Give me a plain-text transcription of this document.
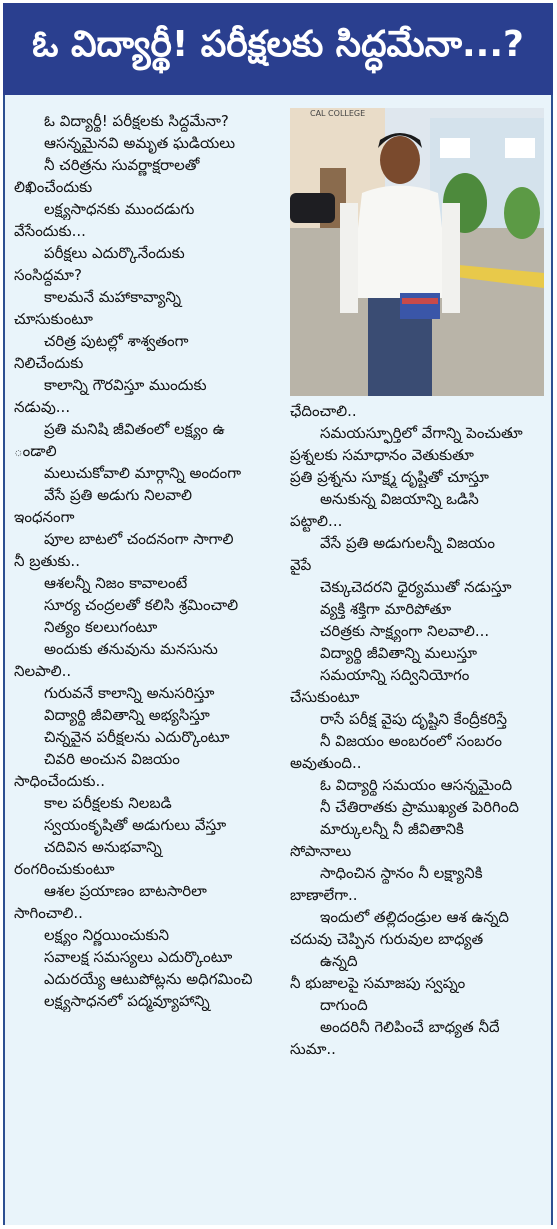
ఓ విద్యార్థీ! పరీక్షలకు సిద్ధమేనా...?
CAL COLLEGE
ఓ విద్యార్థీ! పరీక్షలకు సిద్ధమేనా?
ఆసన్నమైనవి అమృత ఘడియలు
నీ చరిత్రను సువర్ణాక్షరాలతో
లిఖించేందుకు
లక్ష్యసాధనకు ముందడుగు
వేసేందుకు...
పరీక్షలు ఎదుర్కొనేందుకు
సంసిద్ధమా?
కాలమనే మహాకావ్యాన్ని
చూసుకుంటూ
చరిత్ర పుటల్లో శాశ్వతంగా
నిలిచేందుకు
కాలాన్ని గౌరవిస్తూ ముందుకు
నడువు...
ప్రతి మనిషి జీవితంలో లక్ష్యం ఉ
ండాలి
మలుచుకోవాలి మార్గాన్ని అందంగా
వేసే ప్రతి అడుగు నిలవాలి
ఇంధనంగా
పూల బాటలో చందనంగా సాగాలి
నీ బ్రతుకు..
ఆశలన్నీ నిజం కావాలంటే
సూర్య చంద్రలతో కలిసి శ్రమించాలి
నిత్యం కలలుగంటూ
అందుకు తనువును మనసును
నిలపాలి..
గురువనే కాలాన్ని అనుసరిస్తూ
విద్యార్థి జీవితాన్ని అభ్యసిస్తూ
చిన్నవైన పరీక్షలను ఎదుర్కొంటూ
చివరి అంచున విజయం
సాధించేందుకు..
కాల పరీక్షలకు నిలబడి
స్వయంకృషితో అడుగులు వేస్తూ
చదివిన అనుభవాన్ని
రంగరించుకుంటూ
ఆశల ప్రయాణం బాటసారిలా
సాగించాలి..
లక్ష్యం నిర్ణయించుకుని
సవాలక్ష సమస్యలు ఎదుర్కొంటూ
ఎదురయ్యే ఆటుపోట్లను అధిగమించి
లక్ష్యసాధనలో పద్మవ్యూహాన్ని
ఛేదించాలి..
సమయస్ఫూర్తిలో వేగాన్ని పెంచుతూ
ప్రశ్నలకు సమాధానం వెతుకుతూ
ప్రతి ప్రశ్నను సూక్ష్మ దృష్టితో చూస్తూ
అనుకున్న విజయాన్ని ఒడిసి
పట్టాలి...
వేసే ప్రతి అడుగులన్నీ విజయం
వైపే
చెక్కుచెదరని ధైర్యముతో నడుస్తూ
వ్యక్తి శక్తిగా మారిపోతూ
చరిత్రకు సాక్ష్యంగా నిలవాలి...
విద్యార్థి జీవితాన్ని మలుస్తూ
సమయాన్ని సద్వినియోగం
చేసుకుంటూ
రాసే పరీక్ష వైపు దృష్టిని కేంద్రీకరిస్తే
నీ విజయం అంబరంలో సంబరం
అవుతుంది..
ఓ విద్యార్థి సమయం ఆసన్నమైంది
నీ చేతిరాతకు ప్రాముఖ్యత పెరిగింది
మార్కులన్నీ నీ జీవితానికి
సోపానాలు
సాధించిన స్థానం నీ లక్ష్యానికి
బాణాలేగా..
ఇందులో తల్లిదండ్రుల ఆశ ఉన్నది
చదువు చెప్పిన గురువుల బాధ్యత
ఉన్నది
నీ భుజాలపై సమాజపు స్వప్నం
దాగుంది
అందరినీ గెలిపించే బాధ్యత నీదే
సుమా..
